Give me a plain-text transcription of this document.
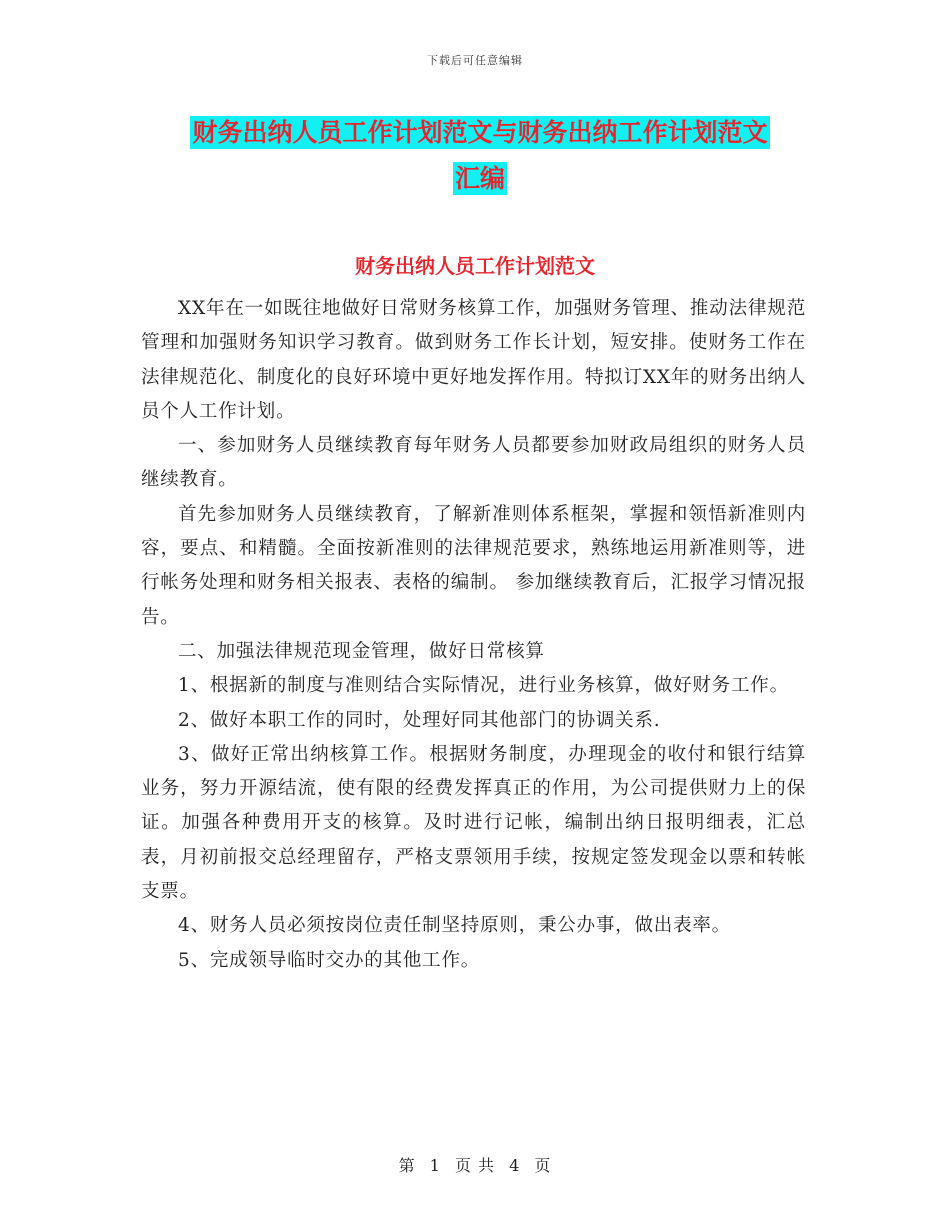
下载后可任意编辑
财务出纳人员工作计划范文与财务出纳工作计划范文
汇编
财务出纳人员工作计划范文

XX年在一如既往地做好日常财务核算工作，加强财务管理、推动法律规范管理和加强财务知识学习教育。做到财务工作长计划，短安排。使财务工作在法律规范化、制度化的良好环境中更好地发挥作用。特拟订XX年的财务出纳人员个人工作计划。

一、参加财务人员继续教育每年财务人员都要参加财政局组织的财务人员继续教育。

首先参加财务人员继续教育，了解新准则体系框架，掌握和领悟新准则内容，要点、和精髓。全面按新准则的法律规范要求，熟练地运用新准则等，进行帐务处理和财务相关报表、表格的编制。 参加继续教育后，汇报学习情况报告。

二、加强法律规范现金管理，做好日常核算

1、根据新的制度与准则结合实际情况，进行业务核算，做好财务工作。

2、做好本职工作的同时，处理好同其他部门的协调关系.

3、做好正常出纳核算工作。根据财务制度，办理现金的收付和银行结算业务，努力开源结流，使有限的经费发挥真正的作用，为公司提供财力上的保证。加强各种费用开支的核算。及时进行记帐，编制出纳日报明细表，汇总表，月初前报交总经理留存，严格支票领用手续，按规定签发现金以票和转帐支票。

4、财务人员必须按岗位责任制坚持原则，秉公办事，做出表率。

5、完成领导临时交办的其他工作。

第 1 页 共 4 页
